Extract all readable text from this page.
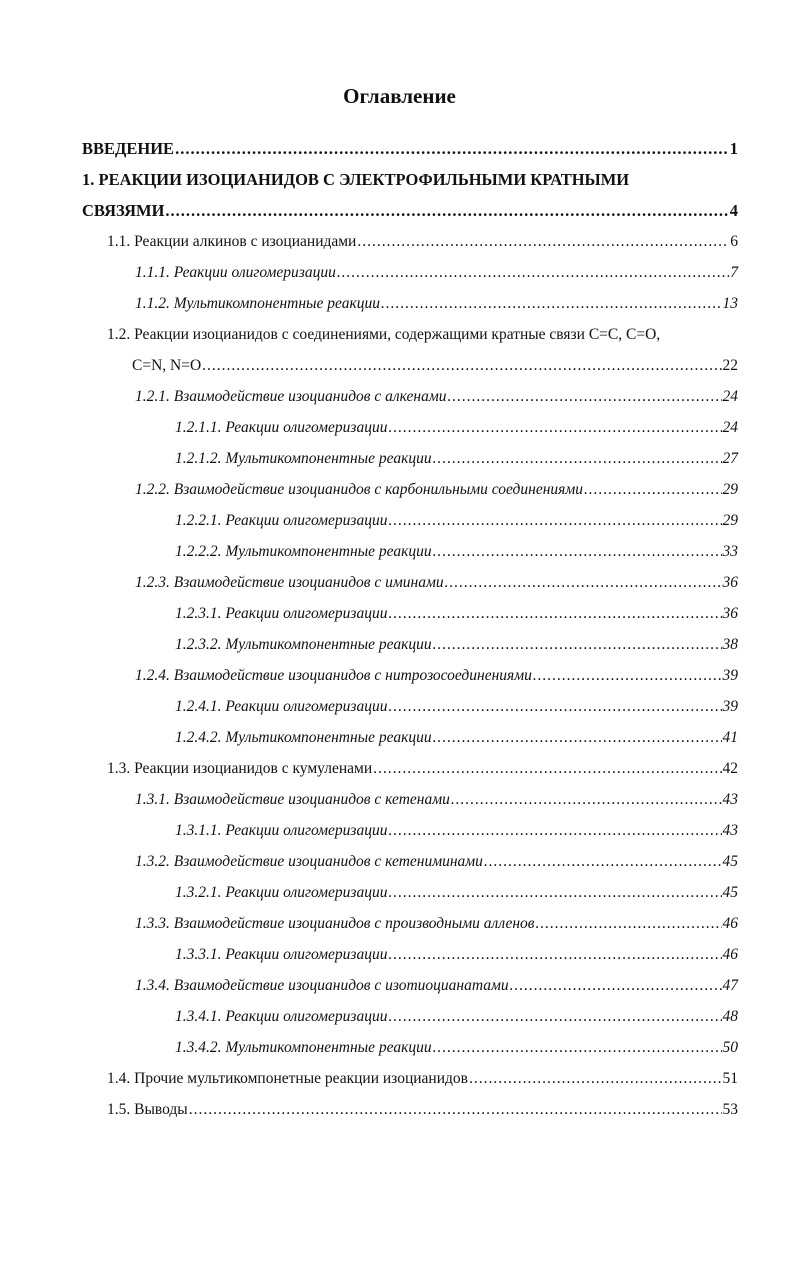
Оглавление
ВВЕДЕНИЕ .....	1
1. РЕАКЦИИ ИЗОЦИАНИДОВ С ЭЛЕКТРОФИЛЬНЫМИ КРАТНЫМИ
СВЯЗЯМИ .....	4
1.1. Реакции алкинов с изоцианидами .....	6
1.1.1. Реакции олигомеризации .....	7
1.1.2. Мультикомпонентные реакции .....	13
1.2. Реакции изоцианидов с соединениями, содержащими кратные связи С=С, С=О,
C=N, N=O .....	22
1.2.1. Взаимодействие изоцианидов с алкенами .....	24
1.2.1.1. Реакции олигомеризации .....	24
1.2.1.2. Мультикомпонентные реакции .....	27
1.2.2. Взаимодействие изоцианидов с карбонильными соединениями .....	29
1.2.2.1. Реакции олигомеризации .....	29
1.2.2.2. Мультикомпонентные реакции .....	33
1.2.3. Взаимодействие изоцианидов с иминами .....	36
1.2.3.1. Реакции олигомеризации .....	36
1.2.3.2. Мультикомпонентные реакции .....	38
1.2.4. Взаимодействие изоцианидов с нитрозосоединениями .....	39
1.2.4.1. Реакции олигомеризации .....	39
1.2.4.2. Мультикомпонентные реакции .....	41
1.3. Реакции изоцианидов с кумуленами .....	42
1.3.1. Взаимодействие изоцианидов с кетенами .....	43
1.3.1.1. Реакции олигомеризации .....	43
1.3.2. Взаимодействие изоцианидов с кетениминами .....	45
1.3.2.1. Реакции олигомеризации .....	45
1.3.3. Взаимодействие изоцианидов с производными алленов .....	46
1.3.3.1. Реакции олигомеризации .....	46
1.3.4. Взаимодействие изоцианидов с изотиоцианатами .....	47
1.3.4.1. Реакции олигомеризации .....	48
1.3.4.2. Мультикомпонентные реакции .....	50
1.4. Прочие мультикомпонетные реакции изоцианидов .....	51
1.5. Выводы .....	53
